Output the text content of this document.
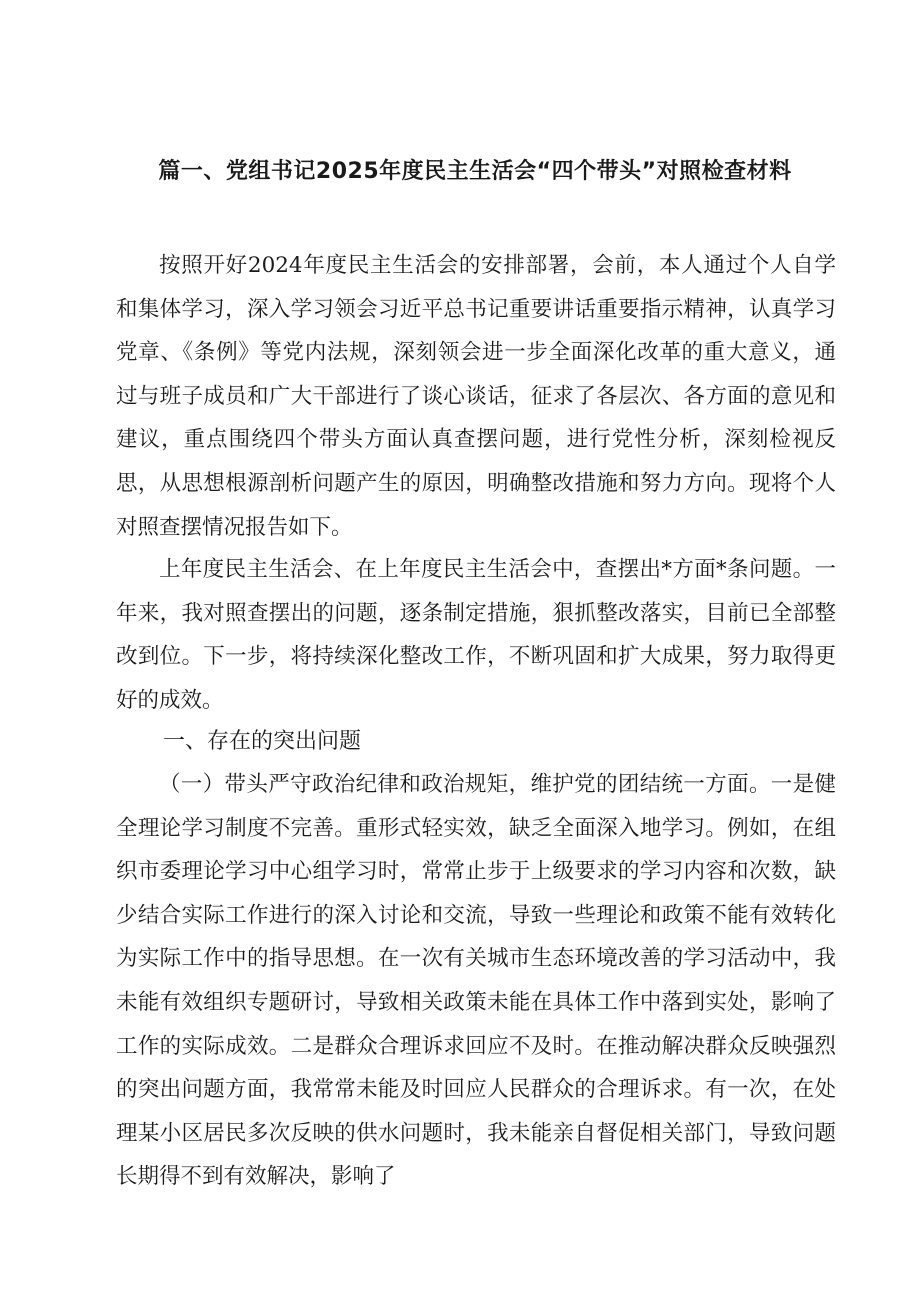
篇一、党组书记2025年度民主生活会“四个带头”对照检查材料

按照开好2024年度民主生活会的安排部署，会前，本人通过个人自学和集体学习，深入学习领会习近平总书记重要讲话重要指示精神，认真学习党章、《条例》等党内法规，深刻领会进一步全面深化改革的重大意义，通过与班子成员和广大干部进行了谈心谈话，征求了各层次、各方面的意见和建议，重点围绕四个带头方面认真查摆问题，进行党性分析，深刻检视反思，从思想根源剖析问题产生的原因，明确整改措施和努力方向。现将个人对照查摆情况报告如下。

上年度民主生活会、在上年度民主生活会中，查摆出*方面*条问题。一年来，我对照查摆出的问题，逐条制定措施，狠抓整改落实，目前已全部整改到位。下一步，将持续深化整改工作，不断巩固和扩大成果，努力取得更好的成效。

一、存在的突出问题

（一）带头严守政治纪律和政治规矩，维护党的团结统一方面。一是健全理论学习制度不完善。重形式轻实效，缺乏全面深入地学习。例如，在组织市委理论学习中心组学习时，常常止步于上级要求的学习内容和次数，缺少结合实际工作进行的深入讨论和交流，导致一些理论和政策不能有效转化为实际工作中的指导思想。在一次有关城市生态环境改善的学习活动中，我未能有效组织专题研讨，导致相关政策未能在具体工作中落到实处，影响了工作的实际成效。二是群众合理诉求回应不及时。在推动解决群众反映强烈的突出问题方面，我常常未能及时回应人民群众的合理诉求。有一次，在处理某小区居民多次反映的供水问题时，我未能亲自督促相关部门，导致问题长期得不到有效解决，影响了
